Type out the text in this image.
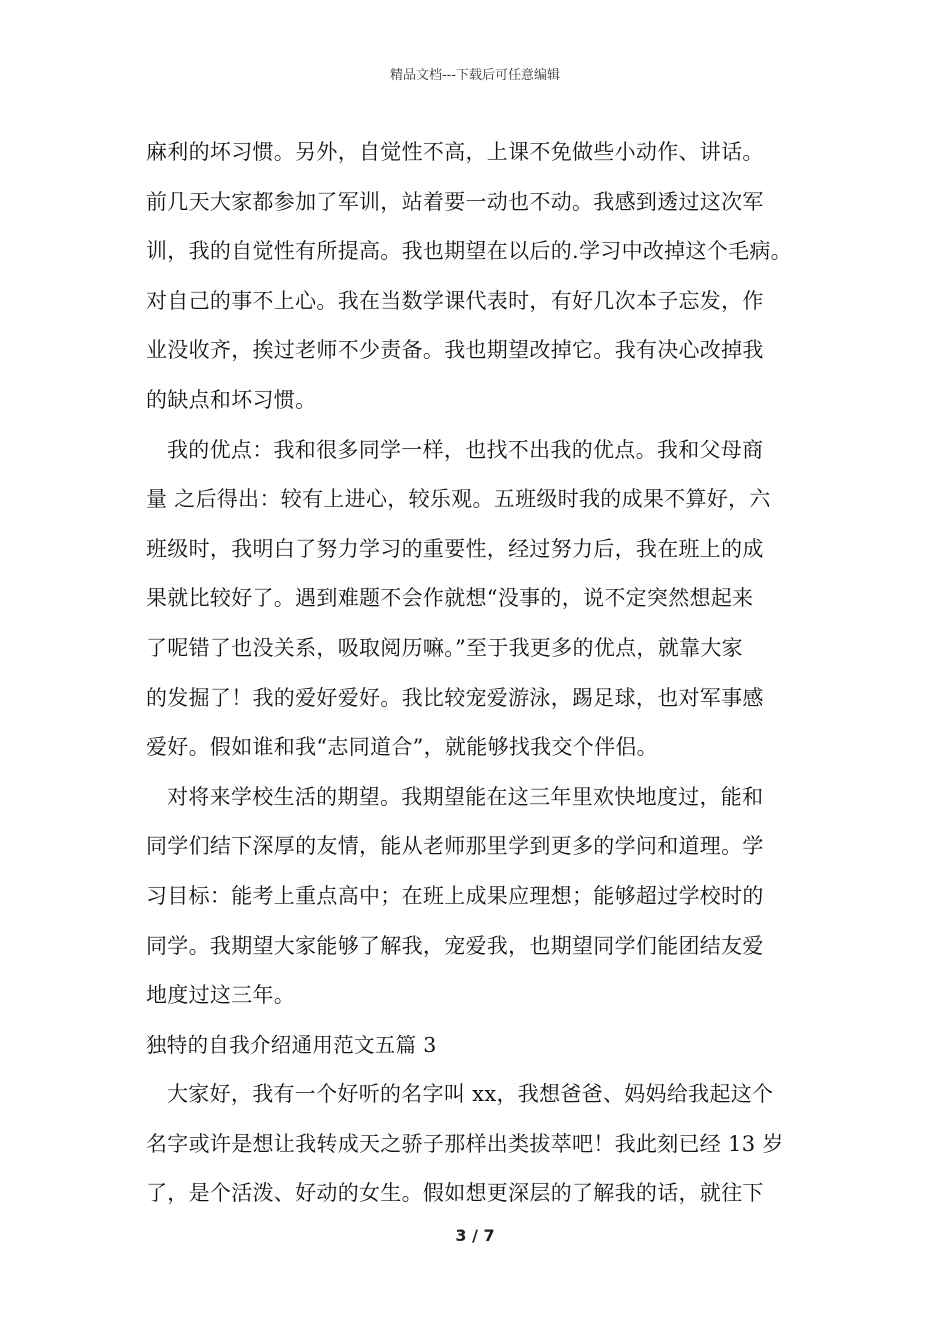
精品文档---下载后可任意编辑
麻利的坏习惯。另外，自觉性不高，上课不免做些小动作、讲话。
前几天大家都参加了军训，站着要一动也不动。我感到透过这次军
训，我的自觉性有所提高。我也期望在以后的.学习中改掉这个毛病。
对自己的事不上心。我在当数学课代表时，有好几次本子忘发，作
业没收齐，挨过老师不少责备。我也期望改掉它。我有决心改掉我
的缺点和坏习惯。
我的优点：我和很多同学一样，也找不出我的优点。我和父母商
量 之后得出：较有上进心，较乐观。五班级时我的成果不算好，六
班级时，我明白了努力学习的重要性，经过努力后，我在班上的成
果就比较好了。遇到难题不会作就想“没事的，说不定突然想起来
了呢错了也没关系，吸取阅历嘛。”至于我更多的优点，就靠大家
的发掘了！我的爱好爱好。我比较宠爱游泳，踢足球，也对军事感
爱好。假如谁和我“志同道合”，就能够找我交个伴侣。
对将来学校生活的期望。我期望能在这三年里欢快地度过，能和
同学们结下深厚的友情，能从老师那里学到更多的学问和道理。学
习目标：能考上重点高中；在班上成果应理想；能够超过学校时的
同学。我期望大家能够了解我，宠爱我，也期望同学们能团结友爱
地度过这三年。
独特的自我介绍通用范文五篇 3
大家好，我有一个好听的名字叫 xx，我想爸爸、妈妈给我起这个
名字或许是想让我转成天之骄子那样出类拔萃吧！我此刻已经 13 岁
了，是个活泼、好动的女生。假如想更深层的了解我的话，就往下
3 / 7
